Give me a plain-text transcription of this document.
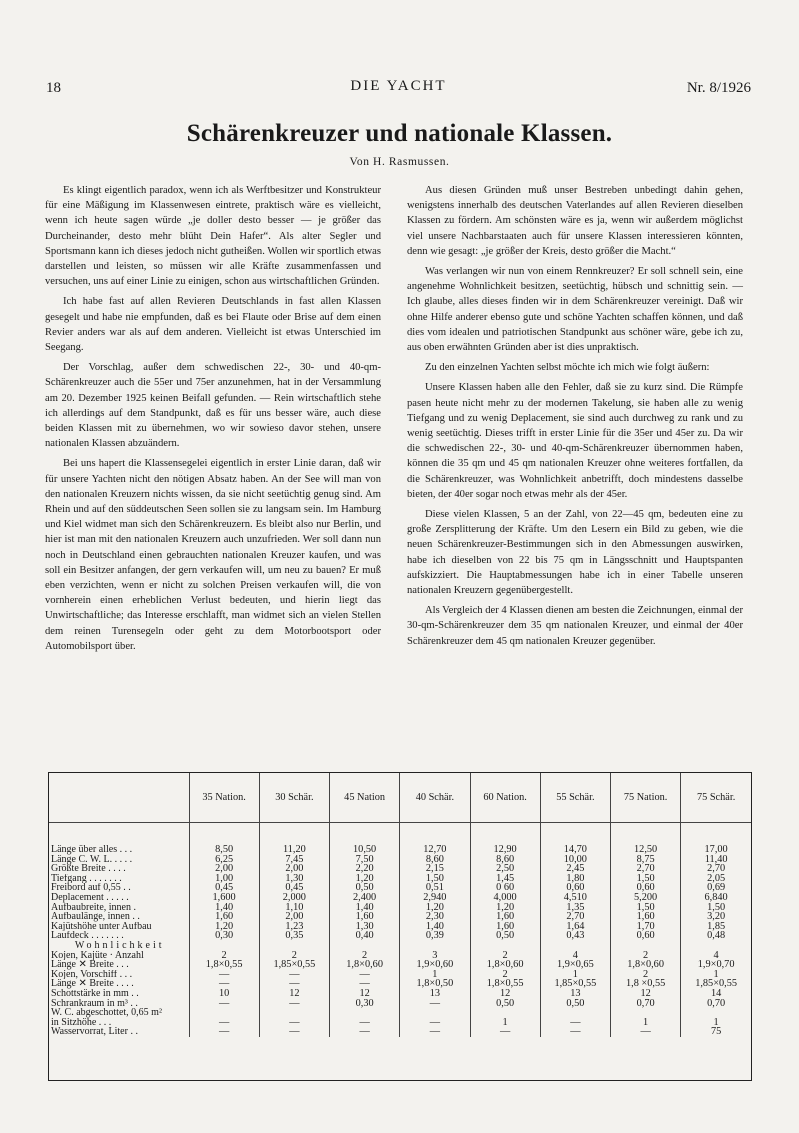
18	DIE YACHT	Nr. 8/1926
Schärenkreuzer und nationale Klassen.
Von H. Rasmussen.

Es klingt eigentlich paradox, wenn ich als Werftbesitzer und Konstrukteur für eine Mäßigung im Klassenwesen eintrete, praktisch wäre es vielleicht, wenn ich heute sagen würde „je doller desto besser — je größer das Durcheinander, desto mehr blüht Dein Hafer“. Als alter Segler und Sportsmann kann ich dieses jedoch nicht gutheißen. Wollen wir sportlich etwas darstellen und leisten, so müssen wir alle Kräfte zusammenfassen und versuchen, uns auf einer Linie zu einigen, schon aus wirtschaftlichen Gründen.

Ich habe fast auf allen Revieren Deutschlands in fast allen Klassen gesegelt und habe nie empfunden, daß es bei Flaute oder Brise auf dem einen Revier anders war als auf dem anderen. Vielleicht ist etwas Unterschied im Seegang.

Der Vorschlag, außer dem schwedischen 22-, 30- und 40-qm-Schärenkreuzer auch die 55er und 75er anzunehmen, hat in der Versammlung am 20. Dezember 1925 keinen Beifall gefunden. — Rein wirtschaftlich stehe ich allerdings auf dem Standpunkt, daß es für uns besser wäre, auch diese beiden Klassen mit zu übernehmen, wo wir sowieso davor stehen, unsere nationalen Klassen abzuändern.

Bei uns hapert die Klassensegelei eigentlich in erster Linie daran, daß wir für unsere Yachten nicht den nötigen Absatz haben. An der See will man von den nationalen Kreuzern nichts wissen, da sie nicht seetüchtig genug sind. Am Rhein und auf den süddeutschen Seen sollen sie zu langsam sein. Im Hamburg und Kiel widmet man sich den Schärenkreuzern. Es bleibt also nur Berlin, und hier ist man mit den nationalen Kreuzern auch unzufrieden. Wer soll dann nun noch in Deutschland einen gebrauchten nationalen Kreuzer kaufen, und was soll ein Besitzer anfangen, der gern verkaufen will, um neu zu bauen? Er muß eben verzichten, wenn er nicht zu solchen Preisen verkaufen will, die von vornherein einen erheblichen Verlust bedeuten, und hierin liegt das Unwirtschaftliche; das Interesse erschlafft, man widmet sich an vielen Stellen dem reinen Turensegeln oder geht zu dem Motorbootsport oder Automobilsport über.

Aus diesen Gründen muß unser Bestreben unbedingt dahin gehen, wenigstens innerhalb des deutschen Vaterlandes auf allen Revieren dieselben Klassen zu fördern. Am schönsten wäre es ja, wenn wir außerdem möglichst viel unsere Nachbarstaaten auch für unsere Klassen interessieren könnten, denn wie gesagt: „je größer der Kreis, desto größer die Macht.“

Was verlangen wir nun von einem Rennkreuzer? Er soll schnell sein, eine angenehme Wohnlichkeit besitzen, seetüchtig, hübsch und schnittig sein. — Ich glaube, alles dieses finden wir in dem Schärenkreuzer vereinigt. Daß wir ohne Hilfe anderer ebenso gute und schöne Yachten schaffen können, und daß dies vom idealen und patriotischen Standpunkt aus schöner wäre, gebe ich zu, aus oben erwähnten Gründen aber ist dies unpraktisch.

Zu den einzelnen Yachten selbst möchte ich mich wie folgt äußern:

Unsere Klassen haben alle den Fehler, daß sie zu kurz sind. Die Rümpfe pasen heute nicht mehr zu der modernen Takelung, sie haben alle zu wenig Tiefgang und zu wenig Deplacement, sie sind auch durchweg zu rank und zu wenig seetüchtig. Dieses trifft in erster Linie für die 35er und 45er zu. Da wir die schwedischen 22-, 30- und 40-qm-Schärenkreuzer übernommen haben, können die 35 qm und 45 qm nationalen Kreuzer ohne weiteres fortfallen, da die Schärenkreuzer, was Wohnlichkeit anbetrifft, doch mindestens dasselbe bieten, der 40er sogar noch etwas mehr als der 45er.

Diese vielen Klassen, 5 an der Zahl, von 22—45 qm, bedeuten eine zu große Zersplitterung der Kräfte. Um den Lesern ein Bild zu geben, wie die neuen Schärenkreuzer-Bestimmungen sich in den Abmessungen auswirken, habe ich dieselben von 22 bis 75 qm in Längsschnitt und Hauptspanten aufskizziert. Die Hauptabmessungen habe ich in einer Tabelle unseren nationalen Kreuzern gegenübergestellt.

Als Vergleich der 4 Klassen dienen am besten die Zeichnungen, einmal der 30-qm-Schärenkreuzer dem 35 qm nationalen Kreuzer, und einmal der 40er Schärenkreuzer dem 45 qm nationalen Kreuzer gegenüber.

	35 Nation.	30 Schär.	45 Nation	40 Schär.	60 Nation.	55 Schär.	75 Nation.	75 Schär.

Länge über alles . . .	8,50	11,20	10,50	12,70	12,90	14,70	12,50	17,00
Länge C. W. L. . . . .	6,25	7,45	7,50	8,60	8,60	10,00	8,75	11,40
Größte Breite . . . .	2,00	2,00	2,20	2,15	2,50	2,45	2,70	2,70
Tiefgang . . . . . . .	1,00	1,30	1,20	1,50	1,45	1,80	1,50	2,05
Freibord auf 0,55 . .	0,45	0,45	0,50	0,51	0 60	0,60	0,60	0,69
Deplacement . . . . .	1,600	2,000	2,400	2,940	4,000	4,510	5,200	6,840
Aufbaubreite, innen .	1,40	1,10	1,40	1,20	1,20	1,35	1,50	1,50
Aufbaulänge, innen . .	1,60	2,00	1,60	2,30	1,60	2,70	1,60	3,20
Kajütshöhe unter Aufbau	1,20	1,23	1,30	1,40	1,60	1,64	1,70	1,85
Laufdeck . . . . . . .	0,30	0,35	0,40	0,39	0,50	0,43	0,60	0,48
Wohnlichkeit								
Kojen, Kajüte · Anzahl	2	2	2	3	2	4	2	4
Länge ✕ Breite . . .	1,8×0,55	1,85×0,55	1,8×0,60	1,9×0,60	1,8×0,60	1,9×0,65	1,8×0,60	1,9×0,70
Kojen, Vorschiff . . .	—	—	—	1	2	1	2	1
Länge ✕ Breite . . . .	—	—	—	1,8×0,50	1,8×0,55	1,85×0,55	1,8 ×0,55	1,85×0,55
Schottstärke in mm . .	10	12	12	13	12	13	12	14
Schrankraum in m³ . .	—	—	0,30	—	0,50	0,50	0,70	0,70
W. C. abgeschottet, 0,65 m²								
in Sitzhöhe . . .	—	—	—	—	1	—	1	1
Wasservorrat, Liter . .	—	—	—	—	—	—	—	75
